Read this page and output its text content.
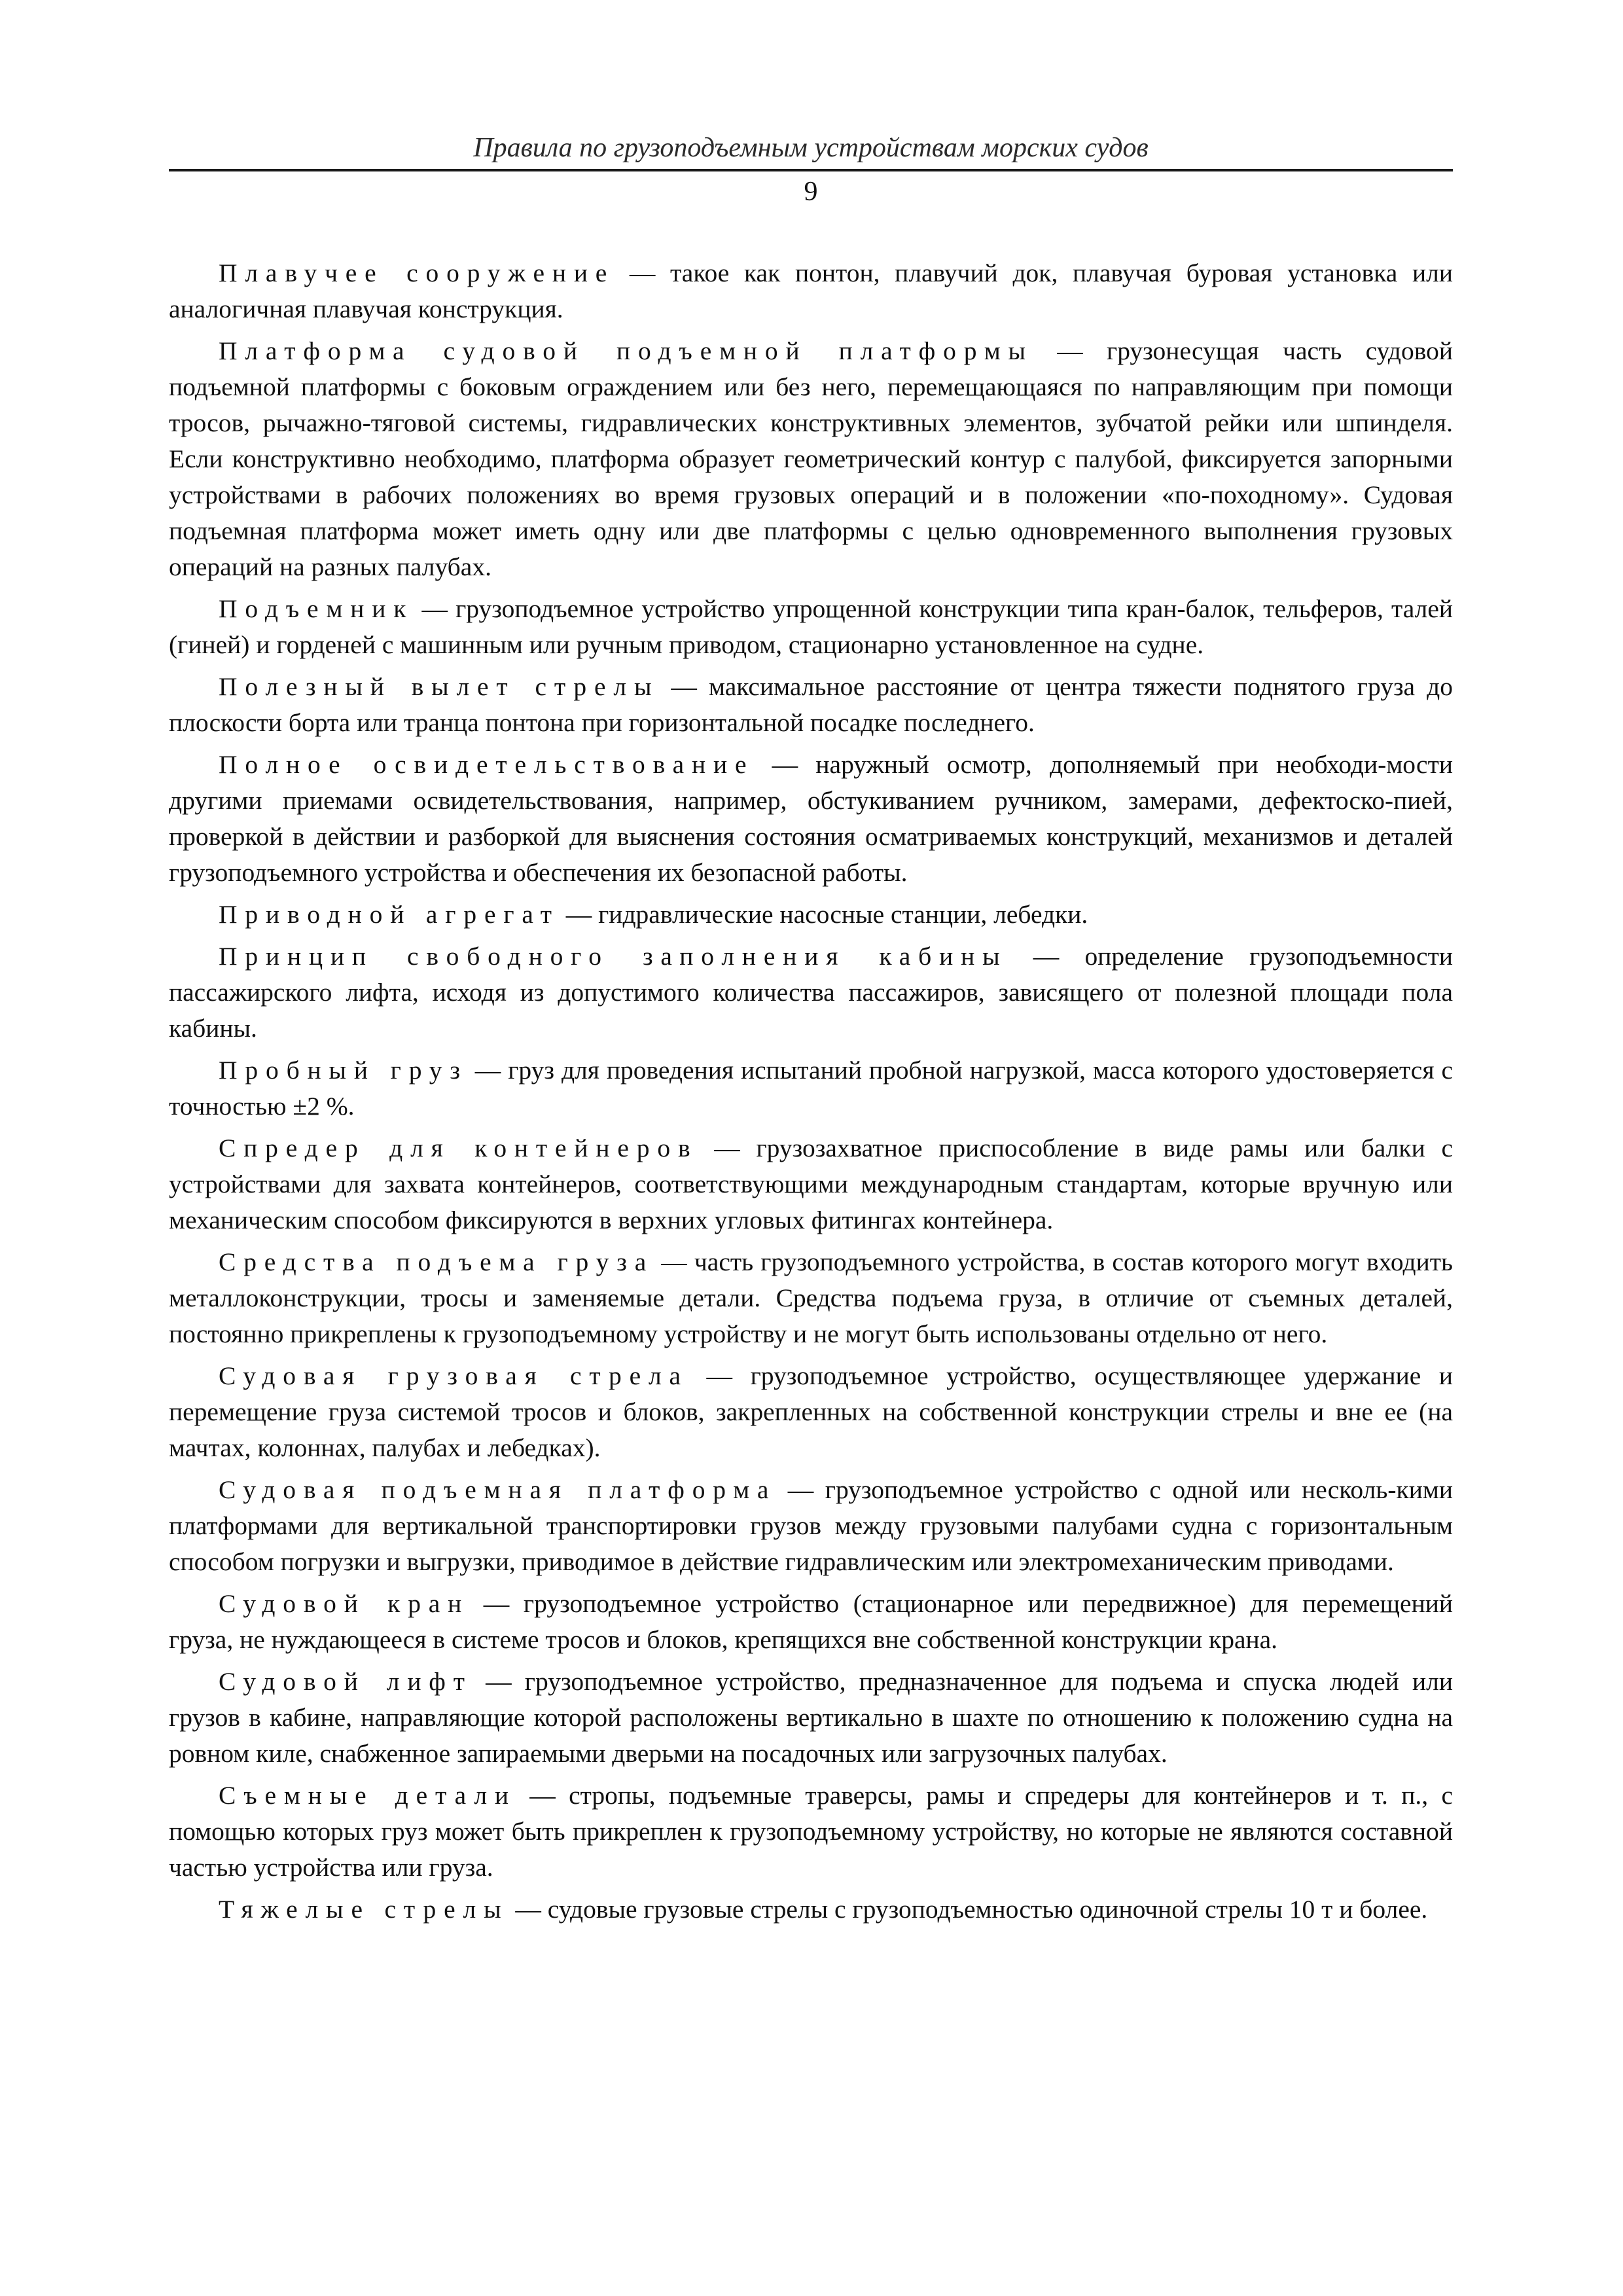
Правила по грузоподъемным устройствам морских судов
9

Плавучее сооружение — такое как понтон, плавучий док, плавучая буровая установка или аналогичная плавучая конструкция.

Платформа судовой подъемной платформы — грузонесущая часть судовой подъемной платформы с боковым ограждением или без него, перемещающаяся по направляющим при помощи тросов, рычажно-тяговой системы, гидравлических конструктивных элементов, зубчатой рейки или шпинделя. Если конструктивно необходимо, платформа образует геометрический контур с палубой, фиксируется запорными устройствами в рабочих положениях во время грузовых операций и в положении «по-походному». Судовая подъемная платформа может иметь одну или две платформы с целью одновременного выполнения грузовых операций на разных палубах.

Подъемник — грузоподъемное устройство упрощенной конструкции типа кран-балок, тельферов, талей (гиней) и горденей с машинным или ручным приводом, стационарно установленное на судне.

Полезный вылет стрелы — максимальное расстояние от центра тяжести поднятого груза до плоскости борта или транца понтона при горизонтальной посадке последнего.

Полное освидетельствование — наружный осмотр, дополняемый при необходи-мости другими приемами освидетельствования, например, обстукиванием ручником, замерами, дефектоско-пией, проверкой в действии и разборкой для выяснения состояния осматриваемых конструкций, механизмов и деталей грузоподъемного устройства и обеспечения их безопасной работы.

Приводной агрегат — гидравлические насосные станции, лебедки.

Принцип свободного заполнения кабины — определение грузоподъемности пассажирского лифта, исходя из допустимого количества пассажиров, зависящего от полезной площади пола кабины.

Пробный груз — груз для проведения испытаний пробной нагрузкой, масса которого удостоверяется с точностью ±2 %.

Спредер для контейнеров — грузозахватное приспособление в виде рамы или балки с устройствами для захвата контейнеров, соответствующими международным стандартам, которые вручную или механическим способом фиксируются в верхних угловых фитингах контейнера.

Средства подъема груза — часть грузоподъемного устройства, в состав которого могут входить металлоконструкции, тросы и заменяемые детали. Средства подъема груза, в отличие от съемных деталей, постоянно прикреплены к грузоподъемному устройству и не могут быть использованы отдельно от него.

Судовая грузовая стрела — грузоподъемное устройство, осуществляющее удержание и перемещение груза системой тросов и блоков, закрепленных на собственной конструкции стрелы и вне ее (на мачтах, колоннах, палубах и лебедках).

Судовая подъемная платформа — грузоподъемное устройство с одной или несколь-кими платформами для вертикальной транспортировки грузов между грузовыми палубами судна с горизонтальным способом погрузки и выгрузки, приводимое в действие гидравлическим или электромеханическим приводами.

Судовой кран — грузоподъемное устройство (стационарное или передвижное) для перемещений груза, не нуждающееся в системе тросов и блоков, крепящихся вне собственной конструкции крана.

Судовой лифт — грузоподъемное устройство, предназначенное для подъема и спуска людей или грузов в кабине, направляющие которой расположены вертикально в шахте по отношению к положению судна на ровном киле, снабженное запираемыми дверьми на посадочных или загрузочных палубах.

Съемные детали — стропы, подъемные траверсы, рамы и спредеры для контейнеров и т. п., с помощью которых груз может быть прикреплен к грузоподъемному устройству, но которые не являются составной частью устройства или груза.

Тяжелые стрелы — судовые грузовые стрелы с грузоподъемностью одиночной стрелы 10 т и более.
